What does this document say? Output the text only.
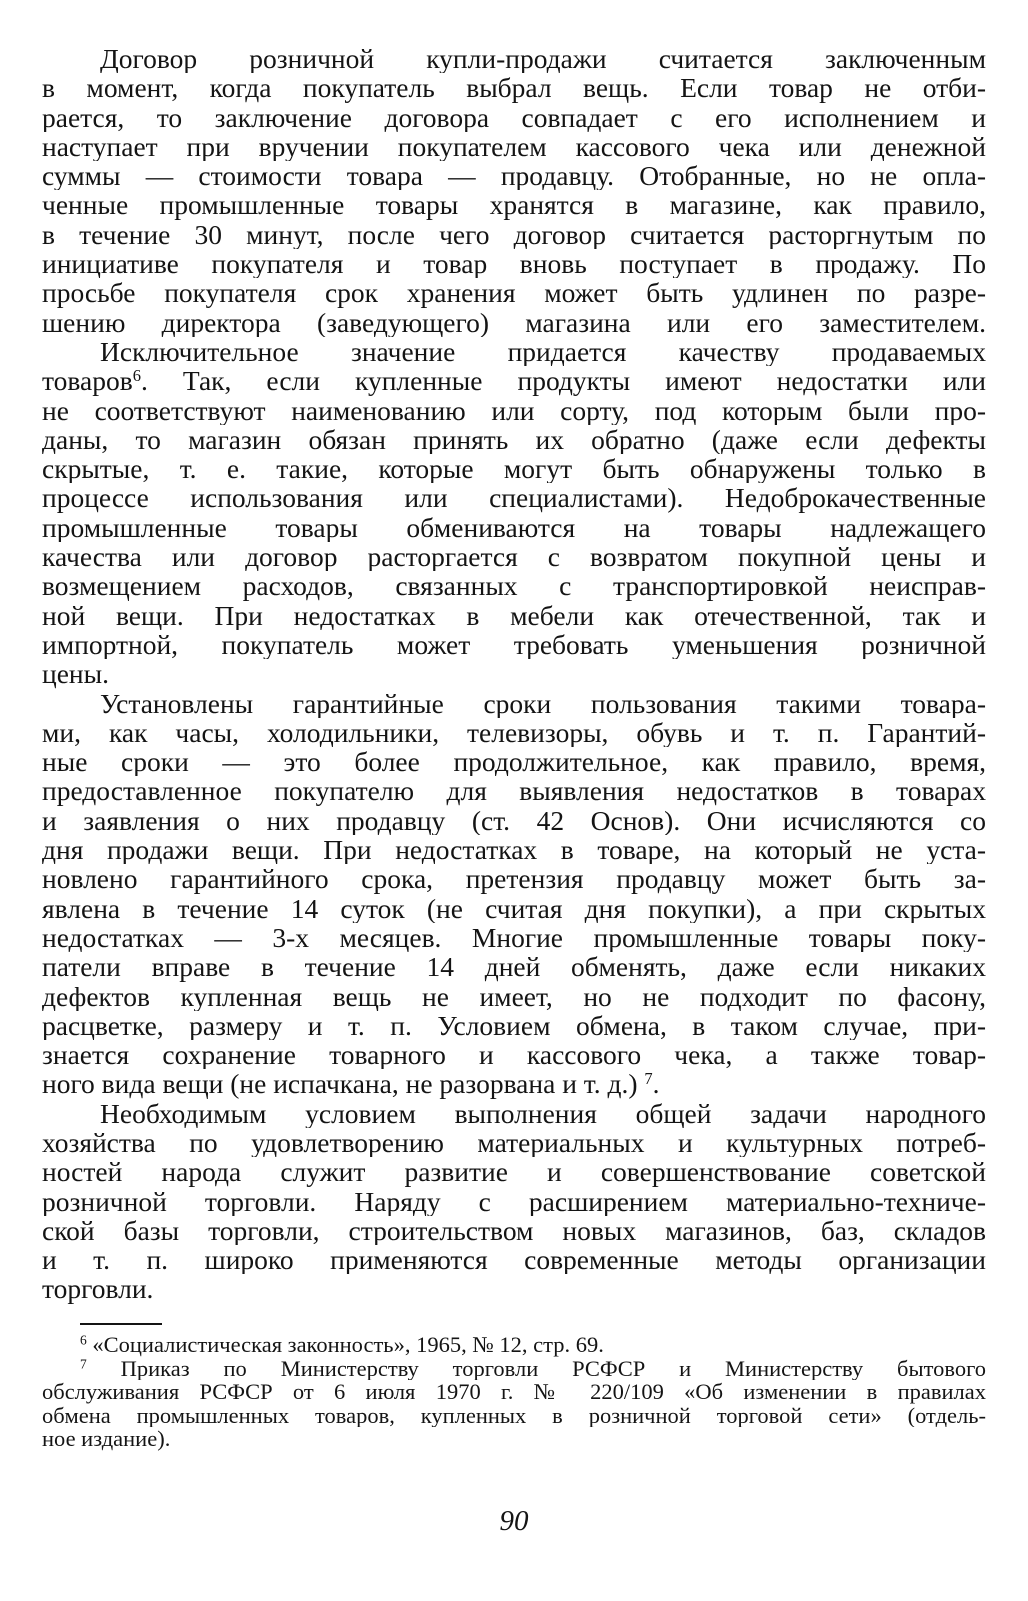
Договор розничной купли-продажи считается заключенным
в момент, когда покупатель выбрал вещь. Если товар не отби-
рается, то заключение договора совпадает с его исполнением и
наступает при вручении покупателем кассового чека или денежной
суммы — стоимости товара — продавцу. Отобранные, но не опла-
ченные промышленные товары хранятся в магазине, как правило,
в течение 30 минут, после чего договор считается расторгнутым по
инициативе покупателя и товар вновь поступает в продажу. По
просьбе покупателя срок хранения может быть удлинен по разре-
шению директора (заведующего) магазина или его заместителем.
Исключительное значение придается качеству продаваемых
товаров$^6$. Так, если купленные продукты имеют недостатки или
не соответствуют наименованию или сорту, под которым были про-
даны, то магазин обязан принять их обратно (даже если дефекты
скрытые, т. е. такие, которые могут быть обнаружены только в
процессе использования или специалистами). Недоброкачественные
промышленные товары обмениваются на товары надлежащего
качества или договор расторгается с возвратом покупной цены и
возмещением расходов, связанных с транспортировкой неисправ-
ной вещи. При недостатках в мебели как отечественной, так и
импортной, покупатель может требовать уменьшения розничной
цены.
Установлены гарантийные сроки пользования такими товара-
ми, как часы, холодильники, телевизоры, обувь и т. п. Гарантий-
ные сроки — это более продолжительное, как правило, время,
предоставленное покупателю для выявления недостатков в товарах
и заявления о них продавцу (ст. 42 Основ). Они исчисляются со
дня продажи вещи. При недостатках в товаре, на который не уста-
новлено гарантийного срока, претензия продавцу может быть за-
явлена в течение 14 суток (не считая дня покупки), а при скрытых
недостатках — 3-х месяцев. Многие промышленные товары поку-
патели вправе в течение 14 дней обменять, даже если никаких
дефектов купленная вещь не имеет, но не подходит по фасону,
расцветке, размеру и т. п. Условием обмена, в таком случае, при-
знается сохранение товарного и кассового чека, а также товар-
ного вида вещи (не испачкана, не разорвана и т. д.) $^7$.
Необходимым условием выполнения общей задачи народного
хозяйства по удовлетворению материальных и культурных потреб-
ностей народа служит развитие и совершенствование советской
розничной торговли. Наряду с расширением материально-техниче-
ской базы торговли, строительством новых магазинов, баз, складов
и т. п. широко применяются современные методы организации
торговли.
$^6$ «Социалистическая законность», 1965, № 12, стр. 69.
$^7$ Приказ по Министерству торговли РСФСР и Министерству бытового
обслуживания РСФСР от 6 июля 1970 г. № 220/109 «Об изменении в правилах
обмена промышленных товаров, купленных в розничной торговой сети» (отдель-
ное издание).
90
